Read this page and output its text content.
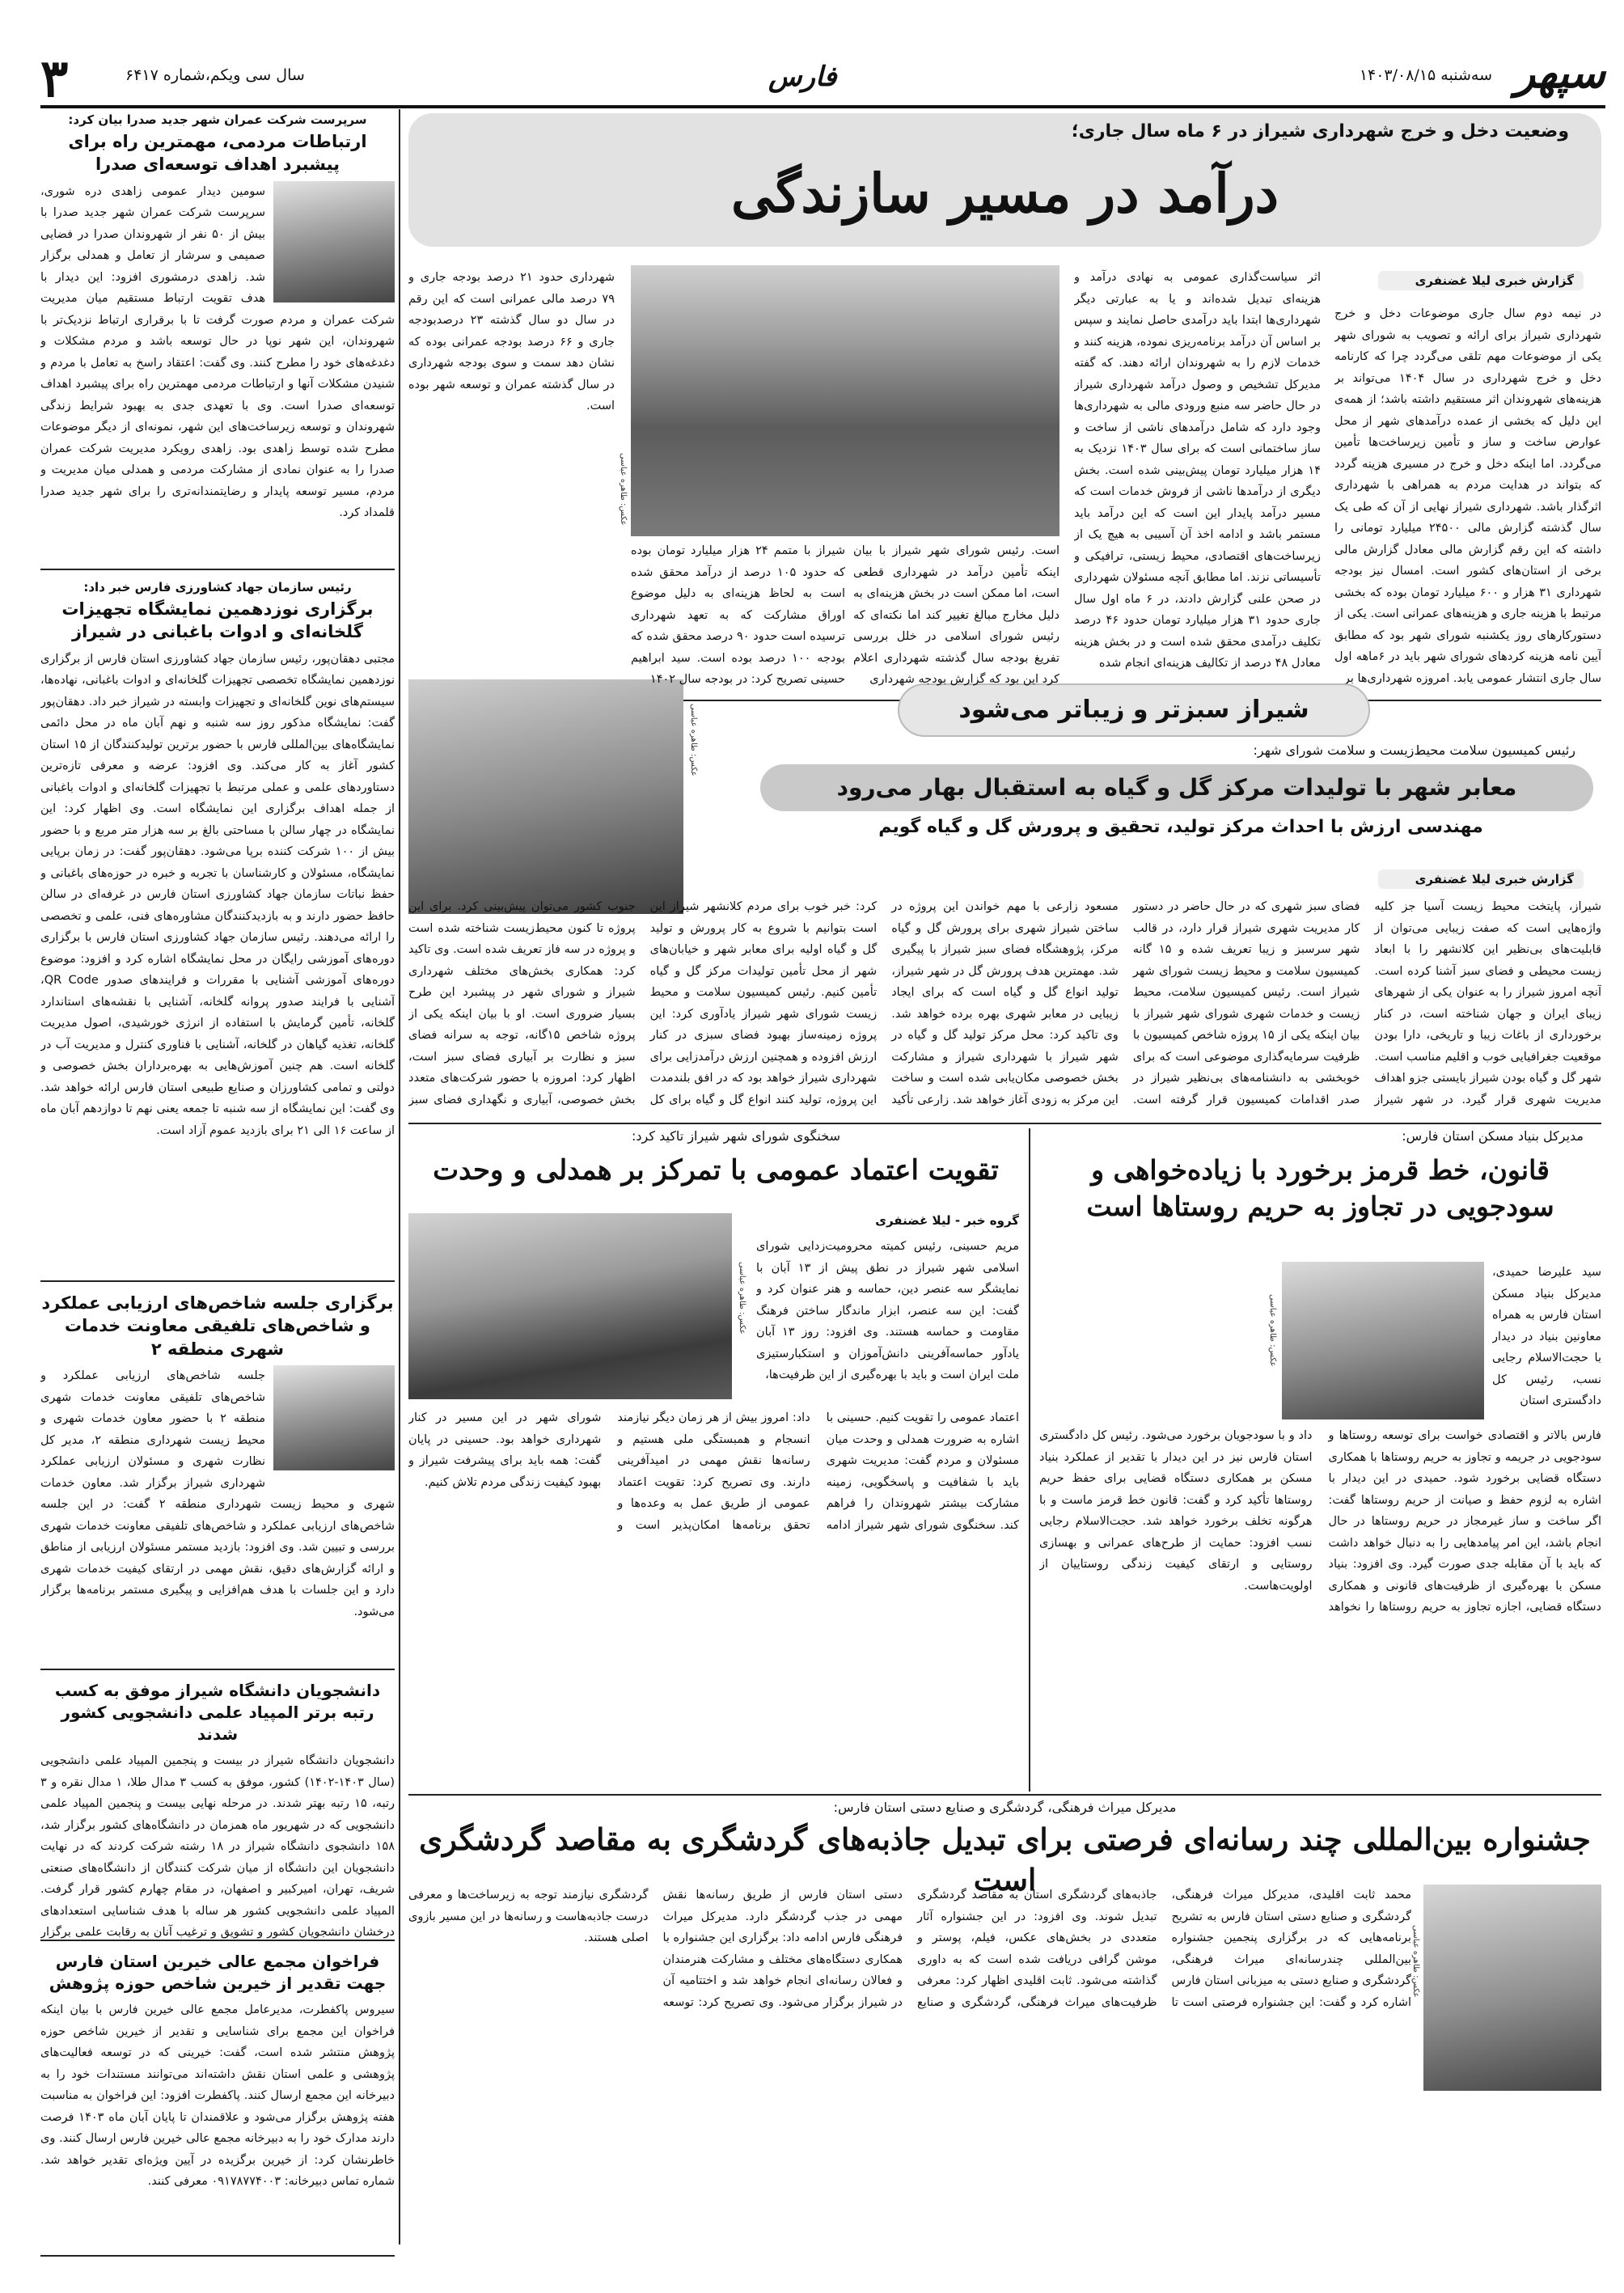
۳	سال سی ویکم،شماره ۶۴۱۷	فارس	سپهر
سه‌شنبه ۱۴۰۳/۰۸/۱۵
سرپرست شرکت عمران شهر جدید صدرا بیان کرد:
ارتباطات مردمی، مهمترین راه برای پیشبرد اهداف توسعه‌ای صدرا
سومین دیدار عمومی زاهدی دره شوری، سرپرست شرکت عمران شهر جدید صدرا با بیش از ۵۰ نفر از شهروندان صدرا در فضایی صمیمی و سرشار از تعامل و همدلی برگزار شد. زاهدی درمشوری افزود: این دیدار با هدف تقویت ارتباط مستقیم میان مدیریت شرکت عمران و مردم صورت گرفت تا با برقراری ارتباط نزدیک‌تر با شهروندان، این شهر نوپا در حال توسعه باشد و مردم مشکلات و دغدغه‌های خود را مطرح کنند. وی گفت: اعتقاد راسخ به تعامل با مردم و شنیدن مشکلات آنها و ارتباطات مردمی مهمترین راه برای پیشبرد اهداف توسعه‌ای صدرا است. وی با تعهدی جدی به بهبود شرایط زندگی شهروندان و توسعه زیرساخت‌های این شهر، نمونه‌ای از دیگر موضوعات مطرح شده توسط زاهدی بود. زاهدی رویکرد مدیریت شرکت عمران صدرا را به عنوان نمادی از مشارکت مردمی و همدلی میان مدیریت و مردم، مسیر توسعه پایدار و رضایتمندانه‌تری را برای شهر جدید صدرا قلمداد کرد.
رئیس سازمان جهاد کشاورزی فارس خبر داد:
برگزاری نوزدهمین نمایشگاه تجهیزات گلخانه‌ای و ادوات باغبانی در شیراز
مجتبی دهقان‌پور، رئیس سازمان جهاد کشاورزی استان فارس از برگزاری نوزدهمین نمایشگاه تخصصی تجهیزات گلخانه‌ای و ادوات باغبانی، نهاده‌ها، سیستم‌های نوین گلخانه‌ای و تجهیزات وابسته در شیراز خبر داد. دهقان‌پور گفت: نمایشگاه مذکور روز سه شنبه و نهم آبان ماه در محل دائمی نمایشگاه‌های بین‌المللی فارس با حضور برترین تولیدکنندگان از ۱۵ استان کشور آغاز به کار می‌کند. وی افزود: عرضه و معرفی تازه‌ترین دستاوردهای علمی و عملی مرتبط با تجهیزات گلخانه‌ای و ادوات باغبانی از جمله اهداف برگزاری این نمایشگاه است. وی اظهار کرد: این نمایشگاه در چهار سالن با مساحتی بالغ بر سه هزار متر مربع و با حضور بیش از ۱۰۰ شرکت کننده برپا می‌شود. دهقان‌پور گفت: در زمان برپایی نمایشگاه، مسئولان و کارشناسان با تجربه و خبره در حوزه‌های باغبانی و حفظ نباتات سازمان جهاد کشاورزی استان فارس در غرفه‌ای در سالن حافظ حضور دارند و به بازدیدکنندگان مشاوره‌های فنی، علمی و تخصصی را ارائه می‌دهند. رئیس سازمان جهاد کشاورزی استان فارس با برگزاری دوره‌های آموزشی رایگان در محل نمایشگاه اشاره کرد و افزود: موضوع دوره‌های آموزشی آشنایی با مقررات و فرایندهای صدور QR Code، آشنایی با فرایند صدور پروانه گلخانه، آشنایی با نقشه‌های استاندارد گلخانه، تأمین گرمایش با استفاده از انرژی خورشیدی، اصول مدیریت گلخانه، تغذیه گیاهان در گلخانه، آشنایی با فناوری کنترل و مدیریت آب در گلخانه است. هم چنین آموزش‌هایی به بهره‌برداران بخش خصوصی و دولتی و تمامی کشاورزان و صنایع طبیعی استان فارس ارائه خواهد شد. وی گفت: این نمایشگاه از سه شنبه تا جمعه یعنی نهم تا دوازدهم آبان ماه از ساعت ۱۶ الی ۲۱ برای بازدید عموم آزاد است.
برگزاری جلسه شاخص‌های ارزیابی عملکرد و شاخص‌های تلفیقی معاونت خدمات شهری منطقه ۲
جلسه شاخص‌های ارزیابی عملکرد و شاخص‌های تلفیقی معاونت خدمات شهری منطقه ۲ با حضور معاون خدمات شهری و محیط زیست شهرداری منطقه ۲، مدیر کل نظارت شهری و مسئولان ارزیابی عملکرد شهرداری شیراز برگزار شد. معاون خدمات شهری و محیط زیست شهرداری منطقه ۲ گفت: در این جلسه شاخص‌های ارزیابی عملکرد و شاخص‌های تلفیقی معاونت خدمات شهری بررسی و تبیین شد. وی افزود: بازدید مستمر مسئولان ارزیابی از مناطق و ارائه گزارش‌های دقیق، نقش مهمی در ارتقای کیفیت خدمات شهری دارد و این جلسات با هدف هم‌افزایی و پیگیری مستمر برنامه‌ها برگزار می‌شود.
دانشجویان دانشگاه شیراز موفق به کسب رتبه برتر المپیاد علمی دانشجویی کشور شدند
دانشجویان دانشگاه شیراز در بیست و پنجمین المپیاد علمی دانشجویی (سال ۱۴۰۳-۱۴۰۲) کشور، موفق به کسب ۳ مدال طلا، ۱ مدال نقره و ۳ رتبه، ۱۵ رتبه بهتر شدند. در مرحله نهایی بیست و پنجمین المپیاد علمی دانشجویی که در شهریور ماه همزمان در دانشگاه‌های کشور برگزار شد، ۱۵۸ دانشجوی دانشگاه شیراز در ۱۸ رشته شرکت کردند که در نهایت دانشجویان این دانشگاه از میان شرکت کنندگان از دانشگاه‌های صنعتی شریف، تهران، امیرکبیر و اصفهان، در مقام چهارم کشور قرار گرفت. المپیاد علمی دانشجویی کشور هر ساله با هدف شناسایی استعدادهای درخشان دانشجویان کشور و تشویق و ترغیب آنان به رقابت علمی برگزار
فراخوان مجمع عالی خیرین استان فارس جهت تقدیر از خیرین شاخص حوزه پژوهش
سیروس پاکفطرت، مدیرعامل مجمع عالی خیرین فارس با بیان اینکه فراخوان این مجمع برای شناسایی و تقدیر از خیرین شاخص حوزه پژوهش منتشر شده است، گفت: خیرینی که در توسعه فعالیت‌های پژوهشی و علمی استان نقش داشته‌اند می‌توانند مستندات خود را به دبیرخانه این مجمع ارسال کنند. پاکفطرت افزود: این فراخوان به مناسبت هفته پژوهش برگزار می‌شود و علاقمندان تا پایان آبان ماه ۱۴۰۳ فرصت دارند مدارک خود را به دبیرخانه مجمع عالی خیرین فارس ارسال کنند. وی خاطرنشان کرد: از خیرین برگزیده در آیین ویژه‌ای تقدیر خواهد شد. شماره تماس دبیرخانه: ۰۹۱۷۸۷۷۴۰۰۳ معرفی کنند.
وضعیت دخل و خرج شهرداری شیراز در ۶ ماه سال جاری؛
درآمد در مسیر سازندگی
عکس: طاهره عباسی
گزارش خبری لیلا غضنفری
در نیمه دوم سال جاری موضوعات دخل و خرج شهرداری شیراز برای ارائه و تصویب به شورای شهر یکی از موضوعات مهم تلقی می‌گردد چرا که کارنامه دخل و خرج شهرداری در سال ۱۴۰۴ می‌تواند بر هزینه‌های شهروندان اثر مستقیم داشته باشد؛ از همه‌ی این دلیل که بخشی از عمده درآمدهای شهر از محل عوارض ساخت و ساز و تأمین زیرساخت‌ها تأمین می‌گردد. اما اینکه دخل و خرج در مسیری هزینه گردد که بتواند در هدایت مردم به همراهی با شهرداری اثرگذار باشد. شهرداری شیراز نهایی از آن که طی یک سال گذشته گزارش مالی ۲۴۵۰۰ میلیارد تومانی را داشته که این رقم گزارش مالی معادل گزارش مالی برخی از استان‌های کشور است. امسال نیز بودجه شهرداری ۳۱ هزار و ۶۰۰ میلیارد تومان بوده که بخشی مرتبط با هزینه جاری و هزینه‌های عمرانی است. یکی از دستورکارهای روز یکشنبه شورای شهر بود که مطابق آیین نامه هزینه کردهای شورای شهر باید در ۶ماهه اول سال جاری انتشار عمومی یابد. امروزه شهرداری‌ها بر
شیراز سبزتر و زیباتر می‌شود
رئیس کمیسیون سلامت محیط‌زیست و سلامت شورای شهر:
معابر شهر با تولیدات مرکز گل و گیاه به استقبال بهار می‌رود
مهندسی ارزش با احداث مرکز تولید، تحقیق و پرورش گل و گیاه گویم
عکس: طاهره عباسی
گزارش خبری لیلا غضنفری
شیراز، پایتخت محیط زیست آسیا جز کلیه واژه‌هایی است که صفت زیبایی می‌توان از قابلیت‌های بی‌نظیر این کلانشهر را با ابعاد زیست محیطی و فضای سبز آشنا کرده است. آنچه امروز شیراز را به عنوان یکی از شهرهای زیبای ایران و جهان شناخته است، در کنار برخورداری از باغات زیبا و تاریخی، دارا بودن موقعیت جغرافیایی خوب و اقلیم مناسب است. شهر گل و گیاه بودن شیراز بایستی جزو اهداف مدیریت شهری قرار گیرد. در شهر شیراز فضای سبز شهری که در حال حاضر در دستور کار مدیریت شهری شیراز قرار دارد، در قالب شهر سرسبز و زیبا تعریف شده و ۱۵ گانه کمیسیون سلامت و محیط زیست شورای شهر شیراز است. رئیس کمیسیون سلامت، محیط زیست و خدمات شهری شورای شهر شیراز با بیان اینکه یکی از ۱۵ پروژه شاخص کمیسیون با ظرفیت سرمایه‌گذاری موضوعی است که برای خوبخشی به دانشنامه‌های بی‌نظیر شیراز در صدر اقدامات کمیسیون قرار گرفته است. مسعود زارعی با مهم خواندن این پروژه در ساختن شیراز شهری برای پرورش گل و گیاه مرکز، پژوهشگاه فضای سبز شیراز با پیگیری شد. مهمترین هدف پرورش گل در شهر شیراز، تولید انواع گل و گیاه است که برای ایجاد زیبایی در معابر شهری بهره برده خواهد شد. وی تاکید کرد: محل مرکز تولید گل و گیاه در شهر شیراز با شهرداری شیراز و مشارکت بخش خصوصی مکان‌یابی شده است و ساخت این مرکز به زودی آغاز خواهد شد. زارعی تأکید کرد: خبر خوب برای مردم کلانشهر شیراز این است بتوانیم با شروع به کار پرورش و تولید گل و گیاه اولیه برای معابر شهر و خیابان‌های شهر از محل تأمین تولیدات مرکز گل و گیاه تأمین کنیم. رئیس کمیسیون سلامت و محیط زیست شورای شهر شیراز یادآوری کرد: این پروژه زمینه‌ساز بهبود فضای سبزی در کنار ارزش افزوده و همچنین ارزش درآمدزایی برای شهرداری شیراز خواهد بود که در افق بلندمدت این پروژه، تولید کنند انواع گل و گیاه برای کل جنوب کشور می‌توان پیش‌بینی کرد. برای این پروژه تا کنون محیط‌زیست شناخته شده است و پروژه در سه فاز تعریف شده است. وی تاکید کرد: همکاری بخش‌های مختلف شهرداری شیراز و شورای شهر در پیشبرد این طرح بسیار ضروری است. او با بیان اینکه یکی از پروژه شاخص ۱۵گانه، توجه به سرانه فضای سبز و نظارت بر آبیاری فضای سبز است، اظهار کرد: امروزه با حضور شرکت‌های متعدد بخش خصوصی، آبیاری و نگهداری فضای سبز
مدیرکل بنیاد مسکن استان فارس:
قانون، خط قرمز برخورد با زیاده‌خواهی و سودجویی در تجاوز به حریم روستاها است
عکس: طاهره عباسی
سید علیرضا حمیدی، مدیرکل بنیاد مسکن استان فارس به همراه معاونین بنیاد در دیدار با حجت‌الاسلام رجایی نسب، رئیس کل دادگستری استان
فارس بالاتر و اقتصادی خواست برای توسعه روستاها و سودجویی در جریمه و تجاوز به حریم روستاها با همکاری دستگاه قضایی برخورد شود. حمیدی در این دیدار با اشاره به لزوم حفظ و صیانت از حریم روستاها گفت: اگر ساخت و ساز غیرمجاز در حریم روستاها در حال انجام باشد، این امر پیامدهایی را به دنبال خواهد داشت که باید با آن مقابله جدی صورت گیرد. وی افزود: بنیاد مسکن با بهره‌گیری از ظرفیت‌های قانونی و همکاری دستگاه قضایی، اجازه تجاوز به حریم روستاها را نخواهد داد و با سودجویان برخورد می‌شود. رئیس کل دادگستری استان فارس نیز در این دیدار با تقدیر از عملکرد بنیاد مسکن بر همکاری دستگاه قضایی برای حفظ حریم روستاها تأکید کرد و گفت: قانون خط قرمز ماست و با هرگونه تخلف برخورد خواهد شد. حجت‌الاسلام رجایی نسب افزود: حمایت از طرح‌های عمرانی و بهسازی روستایی و ارتقای کیفیت زندگی روستاییان از اولویت‌هاست.
سخنگوی شورای شهر شیراز تاکید کرد:
تقویت اعتماد عمومی با تمرکز بر همدلی و وحدت
عکس: طاهره عباسی
گروه خبر - لیلا غضنفری
مریم حسینی، رئیس کمیته محرومیت‌زدایی شورای اسلامی شهر شیراز در نطق پیش از ۱۳ آبان با نمایشگر سه عنصر دین، حماسه و هنر عنوان کرد و گفت: این سه عنصر، ابزار ماندگار ساختن فرهنگ مقاومت و حماسه هستند. وی افزود: روز ۱۳ آبان یادآور حماسه‌آفرینی دانش‌آموزان و استکبارستیزی ملت ایران است و باید با بهره‌گیری از این ظرفیت‌ها،
اعتماد عمومی را تقویت کنیم. حسینی با اشاره به ضرورت همدلی و وحدت میان مسئولان و مردم گفت: مدیریت شهری باید با شفافیت و پاسخگویی، زمینه مشارکت بیشتر شهروندان را فراهم کند. سخنگوی شورای شهر شیراز ادامه داد: امروز بیش از هر زمان دیگر نیازمند انسجام و همبستگی ملی هستیم و رسانه‌ها نقش مهمی در امیدآفرینی دارند. وی تصریح کرد: تقویت اعتماد عمومی از طریق عمل به وعده‌ها و تحقق برنامه‌ها امکان‌پذیر است و شورای شهر در این مسیر در کنار شهرداری خواهد بود. حسینی در پایان گفت: همه باید برای پیشرفت شیراز و بهبود کیفیت زندگی مردم تلاش کنیم.
مدیرکل میراث فرهنگی، گردشگری و صنایع دستی استان فارس:
جشنواره بین‌المللی چند رسانه‌ای فرصتی برای تبدیل جاذبه‌های گردشگری به مقاصد گردشگری است
عکس: طاهره عباسی
محمد ثابت اقلیدی، مدیرکل میراث فرهنگی، گردشگری و صنایع دستی استان فارس به تشریح برنامه‌هایی که در برگزاری پنجمین جشنواره بین‌المللی چندرسانه‌ای میراث فرهنگی، گردشگری و صنایع دستی به میزبانی استان فارس اشاره کرد و گفت: این جشنواره فرصتی است تا جاذبه‌های گردشگری استان به مقاصد گردشگری تبدیل شوند. وی افزود: در این جشنواره آثار متعددی در بخش‌های عکس، فیلم، پوستر و موشن گرافی دریافت شده است که به داوری گذاشته می‌شود. ثابت اقلیدی اظهار کرد: معرفی ظرفیت‌های میراث فرهنگی، گردشگری و صنایع دستی استان فارس از طریق رسانه‌ها نقش مهمی در جذب گردشگر دارد. مدیرکل میراث فرهنگی فارس ادامه داد: برگزاری این جشنواره با همکاری دستگاه‌های مختلف و مشارکت هنرمندان و فعالان رسانه‌ای انجام خواهد شد و اختتامیه آن در شیراز برگزار می‌شود. وی تصریح کرد: توسعه گردشگری نیازمند توجه به زیرساخت‌ها و معرفی درست جاذبه‌هاست و رسانه‌ها در این مسیر بازوی اصلی هستند.
اثر سیاست‌گذاری عمومی به نهادی درآمد و هزینه‌ای تبدیل شده‌اند و یا به عبارتی دیگر شهرداری‌ها ابتدا باید درآمدی حاصل نمایند و سپس بر اساس آن درآمد برنامه‌ریزی نموده، هزینه کنند و خدمات لازم را به شهروندان ارائه دهند. که گفته مدیرکل تشخیص و وصول درآمد شهرداری شیراز در حال حاضر سه منبع ورودی مالی به شهرداری‌ها وجود دارد که شامل درآمدهای ناشی از ساخت و ساز ساختمانی است که برای سال ۱۴۰۳ نزدیک به ۱۴ هزار میلیارد تومان پیش‌بینی شده است. بخش دیگری از درآمدها ناشی از فروش خدمات است که مسیر درآمد پایدار این است که این درآمد باید مستمر باشد و ادامه اخذ آن آسیبی به هیچ یک از زیرساخت‌های اقتصادی، محیط زیستی، ترافیکی و تأسیساتی نزند. اما مطابق آنچه مسئولان شهرداری در صحن علنی گزارش دادند، در ۶ ماه اول سال جاری حدود ۳۱ هزار میلیارد تومان حدود ۴۶ درصد تکلیف درآمدی محقق شده است و در بخش هزینه معادل ۴۸ درصد از تکالیف هزینه‌ای انجام شده
است. رئیس شورای شهر شیراز با بیان اینکه تأمین درآمد در شهرداری قطعی است، اما ممکن است در بخش هزینه‌ای به دلیل مخارج مبالغ تغییر کند اما نکته‌ای که رئیس شورای اسلامی در خلل بررسی تفریغ بودجه سال گذشته شهرداری اعلام کرد این بود که گزارش بودجه شهرداری
شیراز با متمم ۲۴ هزار میلیارد تومان بوده که حدود ۱۰۵ درصد از درآمد محقق شده است به لحاظ هزینه‌ای به دلیل موضوع اوراق مشارکت که به تعهد شهرداری ترسیده است حدود ۹۰ درصد محقق شده که بودجه ۱۰۰ درصد بوده است. سید ابراهیم حسینی تصریح کرد: در بودجه سال ۱۴۰۲
شهرداری حدود ۲۱ درصد بودجه جاری و ۷۹ درصد مالی عمرانی است که این رقم در سال دو سال گذشته ۲۳ درصدبودجه جاری و ۶۶ درصد بودجه عمرانی بوده که نشان دهد سمت و سوی بودجه شهرداری در سال گذشته عمران و توسعه شهر بوده است.
